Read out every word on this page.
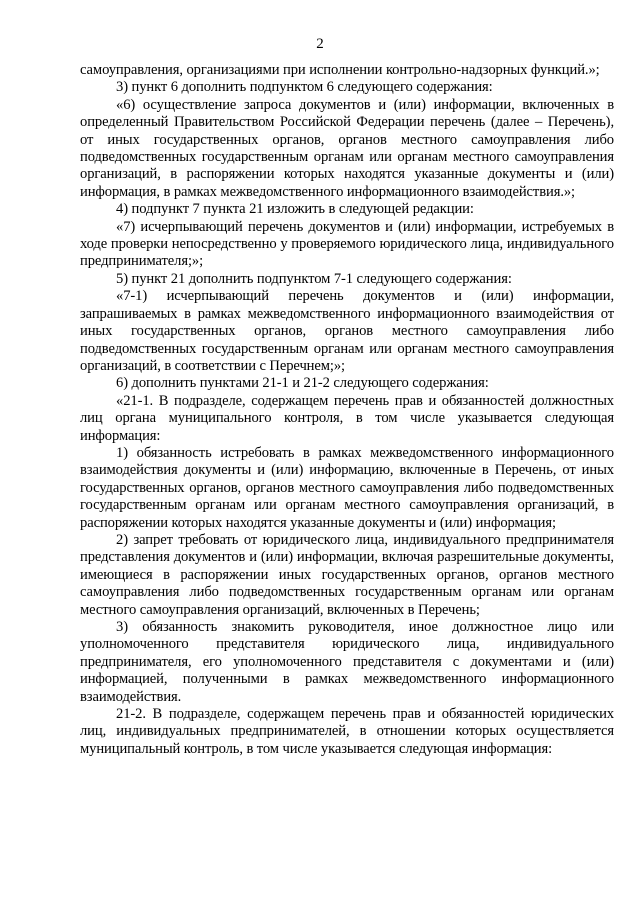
2

самоуправления, организациями при исполнении контрольно-надзорных функций.»;

3) пункт 6 дополнить подпунктом 6 следующего содержания:

«6) осуществление запроса документов и (или) информации, включенных в определенный Правительством Российской Федерации перечень (далее – Перечень), от иных государственных органов, органов местного самоуправления либо подведомственных государственным органам или органам местного самоуправления организаций, в распоряжении которых находятся указанные документы и (или) информация, в рамках межведомственного информационного взаимодействия.»;

4) подпункт 7 пункта 21 изложить в следующей редакции:

«7) исчерпывающий перечень документов и (или) информации, истребуемых в ходе проверки непосредственно у проверяемого юридического лица, индивидуального предпринимателя;»;

5) пункт 21 дополнить подпунктом 7-1 следующего содержания:

«7-1) исчерпывающий перечень документов и (или) информации, запрашиваемых в рамках межведомственного информационного взаимодействия от иных государственных органов, органов местного самоуправления либо подведомственных государственным органам или органам местного самоуправления организаций, в соответствии с Перечнем;»;

6) дополнить пунктами 21-1 и 21-2 следующего содержания:

«21-1. В подразделе, содержащем перечень прав и обязанностей должностных лиц органа муниципального контроля, в том числе указывается следующая информация:

1) обязанность истребовать в рамках межведомственного информационного взаимодействия документы и (или) информацию, включенные в Перечень, от иных государственных органов, органов местного самоуправления либо подведомственных государственным органам или органам местного самоуправления организаций, в распоряжении которых находятся указанные документы и (или) информация;

2) запрет требовать от юридического лица, индивидуального предпринимателя представления документов и (или) информации, включая разрешительные документы, имеющиеся в распоряжении иных государственных органов, органов местного самоуправления либо подведомственных государственным органам или органам местного самоуправления организаций, включенных в Перечень;

3) обязанность знакомить руководителя, иное должностное лицо или уполномоченного представителя юридического лица, индивидуального предпринимателя, его уполномоченного представителя с документами и (или) информацией, полученными в рамках межведомственного информационного взаимодействия.

21-2. В подразделе, содержащем перечень прав и обязанностей юридических лиц, индивидуальных предпринимателей, в отношении которых осуществляется муниципальный контроль, в том числе указывается следующая информация:
